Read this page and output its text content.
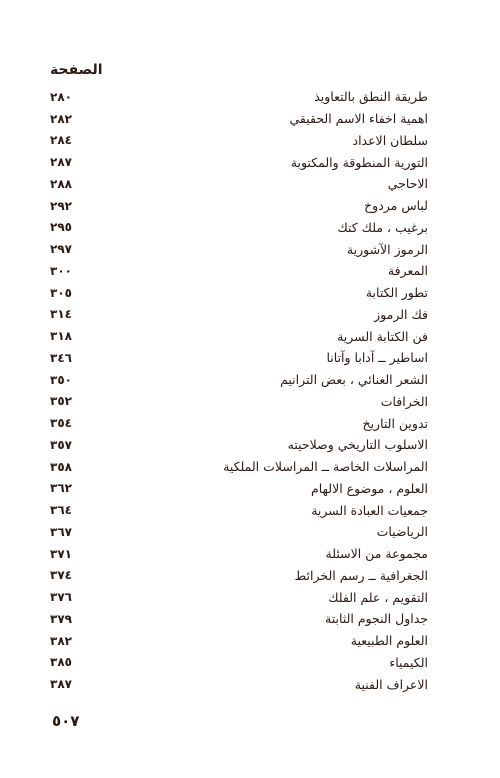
الصفحة
طريقة النطق بالتعاويذ
٢٨٠
اهمية اخفاء الاسم الحقيقي
٢٨٢
سلطان الاعداد
٢٨٤
التورية المنطوقة والمكتوبة
٢٨٧
الاحاجي
٢٨٨
لباس مردوخ
٢٩٢
برغيب ، ملك كتك
٢٩٥
الرموز الآشورية
٢٩٧
المعرفة
٣٠٠
تطور الكتابة
٣٠٥
فك الرموز
٣١٤
فن الكتابة السرية
٣١٨
اساطير ــ آدابا وآتانا
٣٤٦
الشعر الغنائي ، بعض الترانيم
٣٥٠
الخرافات
٣٥٢
تدوين التاريخ
٣٥٤
الاسلوب التاريخي وصلاحيته
٣٥٧
المراسلات الخاصة ــ المراسلات الملكية
٣٥٨
العلوم ، موضوع الالهام
٣٦٢
جمعيات العبادة السرية
٣٦٤
الرياضيات
٣٦٧
مجموعة من الاسئلة
٣٧١
الجغرافية ــ رسم الخرائط
٣٧٤
التقويم ، علم الفلك
٣٧٦
جداول النجوم الثابتة
٣٧٩
العلوم الطبيعية
٣٨٢
الكيمياء
٣٨٥
الاعراف الفنية
٣٨٧
٥٠٧
